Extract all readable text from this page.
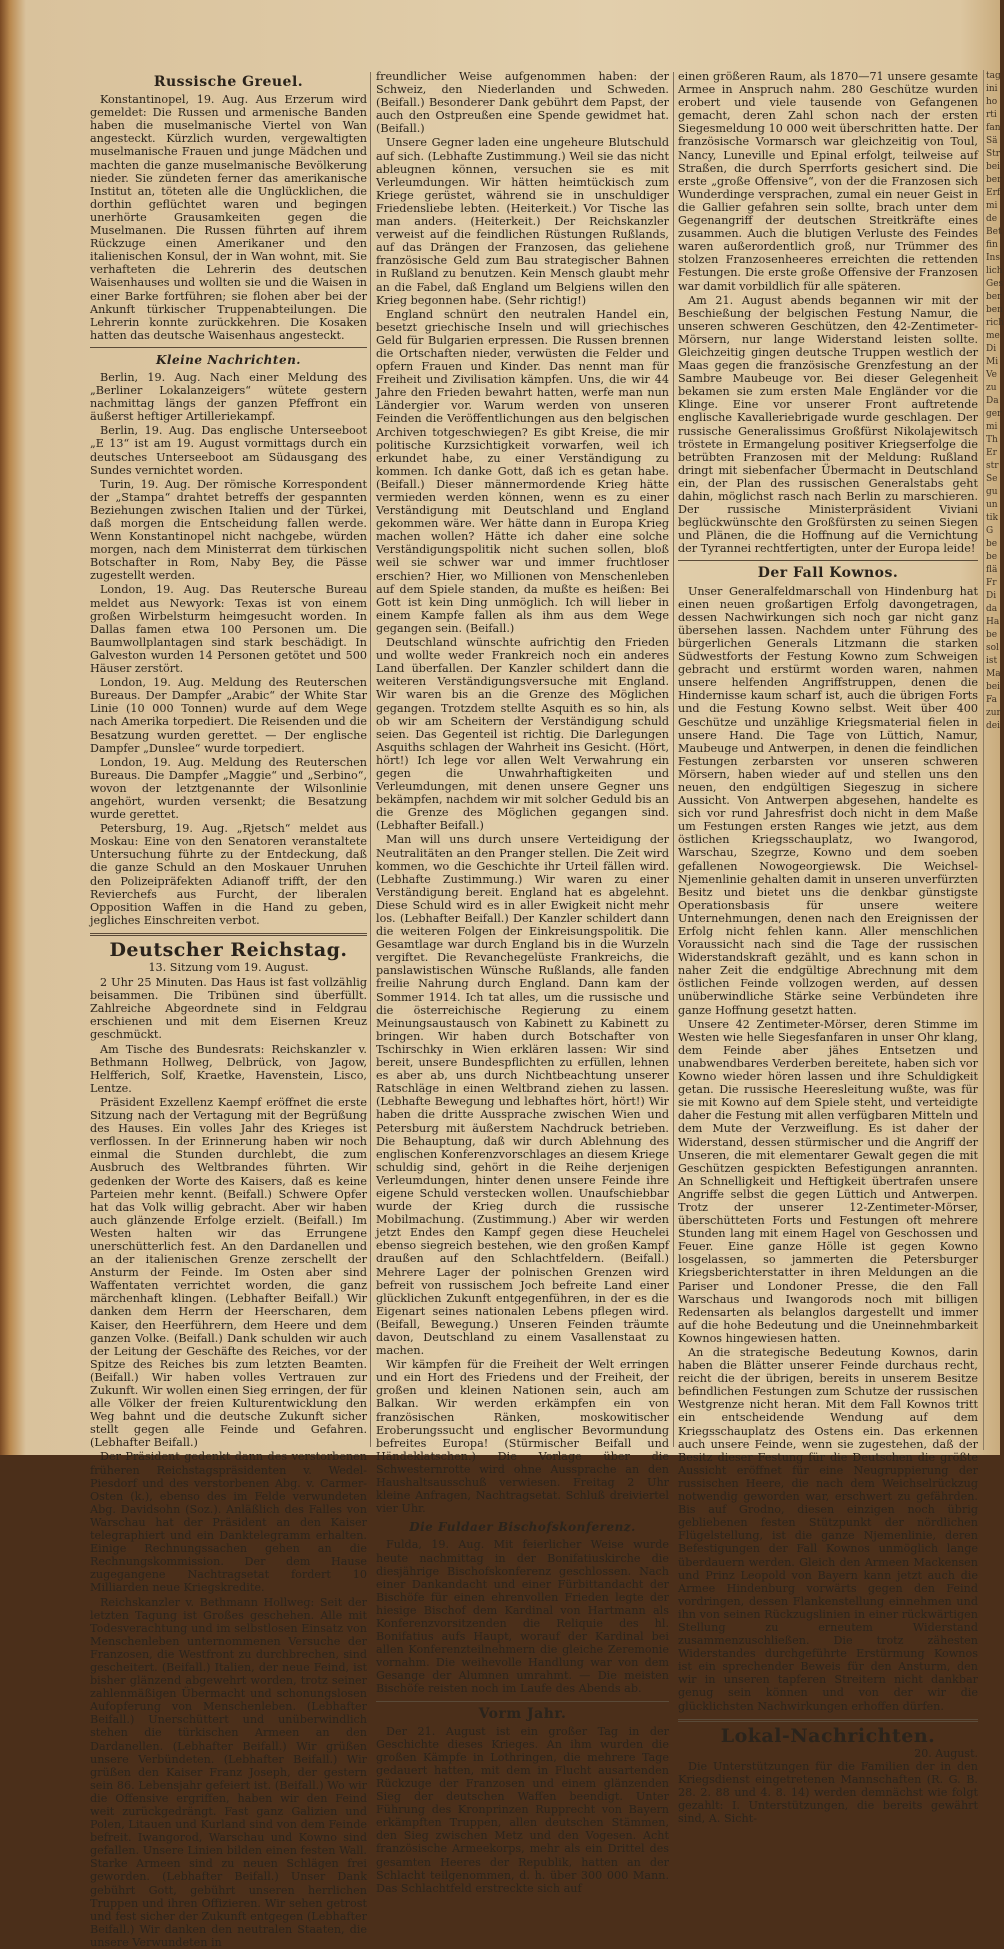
Russische Greuel.

Konstantinopel, 19. Aug. Aus Erzerum wird gemeldet: Die Russen und armenische Banden haben die muselmanische Viertel von Wan angesteckt. Kürzlich wurden, vergewaltigten muselmanische Frauen und junge Mädchen und machten die ganze muselmanische Bevölkerung nieder. Sie zündeten ferner das amerikanische Institut an, töteten alle die Unglücklichen, die dorthin geflüchtet waren und begingen unerhörte Grausamkeiten gegen die Muselmanen. Die Russen führten auf ihrem Rückzuge einen Amerikaner und den italienischen Konsul, der in Wan wohnt, mit. Sie verhafteten die Lehrerin des deutschen Waisenhauses und wollten sie und die Waisen in einer Barke fortführen; sie flohen aber bei der Ankunft türkischer Truppenabteilungen. Die Lehrerin konnte zurückkehren. Die Kosaken hatten das deutsche Waisenhaus angesteckt.

Kleine Nachrichten.

Berlin, 19. Aug. Nach einer Meldung des „Berliner Lokalanzeigers“ wütete gestern nachmittag längs der ganzen Pfeffront ein äußerst heftiger Artilleriekampf.

Berlin, 19. Aug. Das englische Unterseeboot „E 13“ ist am 19. August vormittags durch ein deutsches Unterseeboot am Südausgang des Sundes vernichtet worden.

Turin, 19. Aug. Der römische Korrespondent der „Stampa“ drahtet betreffs der gespannten Beziehungen zwischen Italien und der Türkei, daß morgen die Entscheidung fallen werde. Wenn Konstantinopel nicht nachgebe, würden morgen, nach dem Ministerrat dem türkischen Botschafter in Rom, Naby Bey, die Pässe zugestellt werden.

London, 19. Aug. Das Reutersche Bureau meldet aus Newyork: Texas ist von einem großen Wirbelsturm heimgesucht worden. In Dallas famen etwa 100 Personen um. Die Baumwollplantagen sind stark beschädigt. In Galveston wurden 14 Personen getötet und 500 Häuser zerstört.

London, 19. Aug. Meldung des Reuterschen Bureaus. Der Dampfer „Arabic“ der White Star Linie (10 000 Tonnen) wurde auf dem Wege nach Amerika torpediert. Die Reisenden und die Besatzung wurden gerettet. — Der englische Dampfer „Dunslee“ wurde torpediert.

London, 19. Aug. Meldung des Reuterschen Bureaus. Die Dampfer „Maggie“ und „Serbino“, wovon der letztgenannte der Wilsonlinie angehört, wurden versenkt; die Besatzung wurde gerettet.

Petersburg, 19. Aug. „Rjetsch“ meldet aus Moskau: Eine von den Senatoren veranstaltete Untersuchung führte zu der Entdeckung, daß die ganze Schuld an den Moskauer Unruhen den Polizeipräfekten Adianoff trifft, der den Revierchefs aus Furcht, der liberalen Opposition Waffen in die Hand zu geben, jegliches Einschreiten verbot.

Deutscher Reichstag.

13. Sitzung vom 19. August.

2 Uhr 25 Minuten. Das Haus ist fast vollzählig beisammen. Die Tribünen sind überfüllt. Zahlreiche Abgeordnete sind in Feldgrau erschienen und mit dem Eisernen Kreuz geschmückt.

Am Tische des Bundesrats: Reichskanzler v. Bethmann Hollweg, Delbrück, von Jagow, Helfferich, Solf, Kraetke, Havenstein, Lisco, Lentze.

Präsident Exzellenz Kaempf eröffnet die erste Sitzung nach der Vertagung mit der Begrüßung des Hauses. Ein volles Jahr des Krieges ist verflossen. In der Erinnerung haben wir noch einmal die Stunden durchlebt, die zum Ausbruch des Weltbrandes führten. Wir gedenken der Worte des Kaisers, daß es keine Parteien mehr kennt. (Beifall.) Schwere Opfer hat das Volk willig gebracht. Aber wir haben auch glänzende Erfolge erzielt. (Beifall.) Im Westen halten wir das Errungene unerschütterlich fest. An den Dardanellen und an der italienischen Grenze zerschellt der Ansturm der Feinde. Im Osten aber sind Waffentaten verrichtet worden, die ganz märchenhaft klingen. (Lebhafter Beifall.) Wir danken dem Herrn der Heerscharen, dem Kaiser, den Heerführern, dem Heere und dem ganzen Volke. (Beifall.) Dank schulden wir auch der Leitung der Geschäfte des Reiches, vor der Spitze des Reiches bis zum letzten Beamten. (Beifall.) Wir haben volles Vertrauen zur Zukunft. Wir wollen einen Sieg erringen, der für alle Völker der freien Kulturentwicklung den Weg bahnt und die deutsche Zukunft sicher stellt gegen alle Feinde und Gefahren. (Lebhafter Beifall.)

Der Präsident gedenkt dann des verstorbenen früheren Reichstagspräsidenten v. Wedel-Piesdorf und des verstorbenen Abg. v. Carmer-Osten (k.), ebenso des im Felde verwundeten Abg. Davidsohn (Soz.). Anläßlich des Falles von Warschau hat der Präsident an den Kaiser telegraphiert und ein Danktelegramm erhalten. Einige Rechnungssachen gehen an die Rechnungskommission. Der dem Hause zugegangene Nachtragsetat fordert 10 Milliarden neue Kriegskredite.

Reichskanzler v. Bethmann Hollweg: Seit der letzten Tagung ist Großes geschehen. Alle mit Todesverachtung und im selbstlosen Einsatz von Menschenleben unternommenen Versuche der Franzosen, die Westfront zu durchbrechen, sind gescheitert. (Beifall.) Italien, der neue Feind, ist bisher glänzend abgewehrt worden, trotz seiner zahlenmäßigen Übermacht und schonungslosen Aufopferung von Menschenleben. (Lebhafter Beifall.) Unerschüttert und unüberwindlich stehen die türkischen Armeen an den Dardanellen. (Lebhafter Beifall.) Wir grüßen unsere Verbündeten. (Lebhafter Beifall.) Wir grüßen den Kaiser Franz Joseph, der gestern sein 86. Lebensjahr gefeiert ist. (Beifall.) Wo wir die Offensive ergriffen, haben wir den Feind weit zurückgedrängt. Fast ganz Galizien und Polen, Litauen und Kurland sind von dem Feinde befreit. Iwangorod, Warschau und Kowno sind gefallen. Unsere Linien bilden einen festen Wall. Starke Armeen sind zu neuen Schlägen frei geworden. (Lebhafter Beifall.) Unser Dank gebührt Gott, gebührt unseren herrlichen Truppen und ihren Offizieren. Wir sehen getrost und fest sicher der Zukunft entgegen (Lebhafter Beifall.) Wir danken den neutralen Staaten, die unsere Verwundeten in

freundlicher Weise aufgenommen haben: der Schweiz, den Niederlanden und Schweden. (Beifall.) Besonderer Dank gebührt dem Papst, der auch den Ostpreußen eine Spende gewidmet hat. (Beifall.)

Unsere Gegner laden eine ungeheure Blutschuld auf sich. (Lebhafte Zustimmung.) Weil sie das nicht ableugnen können, versuchen sie es mit Verleumdungen. Wir hätten heimtückisch zum Kriege gerüstet, während sie in unschuldiger Friedensliebe lebten. (Heiterkeit.) Vor Tische las man anders. (Heiterkeit.) Der Reichskanzler verweist auf die feindlichen Rüstungen Rußlands, auf das Drängen der Franzosen, das geliehene französische Geld zum Bau strategischer Bahnen in Rußland zu benutzen. Kein Mensch glaubt mehr an die Fabel, daß England um Belgiens willen den Krieg begonnen habe. (Sehr richtig!)

England schnürt den neutralen Handel ein, besetzt griechische Inseln und will griechisches Geld für Bulgarien erpressen. Die Russen brennen die Ortschaften nieder, verwüsten die Felder und opfern Frauen und Kinder. Das nennt man für Freiheit und Zivilisation kämpfen. Uns, die wir 44 Jahre den Frieden bewahrt hatten, werfe man nun Ländergier vor. Warum werden von unseren Feinden die Veröffentlichungen aus den belgischen Archiven totgeschwiegen? Es gibt Kreise, die mir politische Kurzsichtigkeit vorwarfen, weil ich erkundet habe, zu einer Verständigung zu kommen. Ich danke Gott, daß ich es getan habe. (Beifall.) Dieser männermordende Krieg hätte vermieden werden können, wenn es zu einer Verständigung mit Deutschland und England gekommen wäre. Wer hätte dann in Europa Krieg machen wollen? Hätte ich daher eine solche Verständigungspolitik nicht suchen sollen, bloß weil sie schwer war und immer fruchtloser erschien? Hier, wo Millionen von Menschenleben auf dem Spiele standen, da mußte es heißen: Bei Gott ist kein Ding unmöglich. Ich will lieber in einem Kampfe fallen als ihm aus dem Wege gegangen sein. (Beifall.)

Deutschland wünschte aufrichtig den Frieden und wollte weder Frankreich noch ein anderes Land überfallen. Der Kanzler schildert dann die weiteren Verständigungsversuche mit England. Wir waren bis an die Grenze des Möglichen gegangen. Trotzdem stellte Asquith es so hin, als ob wir am Scheitern der Verständigung schuld seien. Das Gegenteil ist richtig. Die Darlegungen Asquiths schlagen der Wahrheit ins Gesicht. (Hört, hört!) Ich lege vor allen Welt Verwahrung ein gegen die Unwahrhaftigkeiten und Verleumdungen, mit denen unsere Gegner uns bekämpfen, nachdem wir mit solcher Geduld bis an die Grenze des Möglichen gegangen sind. (Lebhafter Beifall.)

Man will uns durch unsere Verteidigung der Neutralitäten an den Pranger stellen. Die Zeit wird kommen, wo die Geschichte ihr Urteil fällen wird. (Lebhafte Zustimmung.) Wir waren zu einer Verständigung bereit. England hat es abgelehnt. Diese Schuld wird es in aller Ewigkeit nicht mehr los. (Lebhafter Beifall.) Der Kanzler schildert dann die weiteren Folgen der Einkreisungspolitik. Die Gesamtlage war durch England bis in die Wurzeln vergiftet. Die Revanchegelüste Frankreichs, die panslawistischen Wünsche Rußlands, alle fanden freilie Nahrung durch England. Dann kam der Sommer 1914. Ich tat alles, um die russische und die österreichische Regierung zu einem Meinungsaustausch von Kabinett zu Kabinett zu bringen. Wir haben durch Botschafter von Tschirschky in Wien erklären lassen: Wir sind bereit, unsere Bundespflichten zu erfüllen, lehnen es aber ab, uns durch Nichtbeachtung unserer Ratschläge in einen Weltbrand ziehen zu lassen. (Lebhafte Bewegung und lebhaftes hört, hört!) Wir haben die dritte Aussprache zwischen Wien und Petersburg mit äußerstem Nachdruck betrieben. Die Behauptung, daß wir durch Ablehnung des englischen Konferenzvorschlages an diesem Kriege schuldig sind, gehört in die Reihe derjenigen Verleumdungen, hinter denen unsere Feinde ihre eigene Schuld verstecken wollen. Unaufschiebbar wurde der Krieg durch die russische Mobilmachung. (Zustimmung.) Aber wir werden jetzt Endes den Kampf gegen diese Heuchelei ebenso siegreich bestehen, wie den großen Kampf draußen auf den Schlachtfeldern. (Beifall.) Mehrere Lager der polnischen Grenzen wird befreit von russischem Joch befreite Land einer glücklichen Zukunft entgegenführen, in der es die Eigenart seines nationalen Lebens pflegen wird. (Beifall, Bewegung.) Unseren Feinden träumte davon, Deutschland zu einem Vasallenstaat zu machen.

Wir kämpfen für die Freiheit der Welt erringen und ein Hort des Friedens und der Freiheit, der großen und kleinen Nationen sein, auch am Balkan. Wir werden erkämpfen ein von französischen Ränken, moskowitischer Eroberungssucht und englischer Bevormundung befreites Europa! (Stürmischer Beifall und Händeklatschen.) Die Vorlage über die Schwesternrotte wird ohne Aussprache an den Haushaltsausschuß verwiesen. Freitag 2 Uhr kleine Anfragen, Nachtragsetat. Schluß dreiviertel vier Uhr.

Die Fuldaer Bischofskonferenz.

Fulda, 19. Aug. Mit feierlicher Weise wurde heute nachmittag in der Bonifatiuskirche die diesjährige Bischofskonferenz geschlossen. Nach einer Dankandacht und einer Fürbittandacht der Bischöfe für einen ehrenvollen Frieden legte der hiesige Bischof dem Kardinal von Hartmann als Konferenzvorsitzenden die Reliquie des hl. Bonifatius aufs Haupt, worauf der Kardinal bei allen Konferenzteilnehmern die gleiche Zeremonie vornahm. Die weihevolle Handlung war von dem Gesange der Alumnen umrahmt. — Die meisten Bischöfe reisten noch im Laufe des Abends ab.

Vorm Jahr.

Der 21. August ist ein großer Tag in der Geschichte dieses Krieges. An ihm wurden die großen Kämpfe in Lothringen, die mehrere Tage gedauert hatten, mit dem in Flucht ausartenden Rückzuge der Franzosen und einem glänzenden Sieg der deutschen Waffen beendigt. Unter Führung des Kronprinzen Rupprecht von Bayern erkämpften Truppen, allen deutschen Stämmen, den Sieg zwischen Metz und den Vogesen. Acht französische Armeekorps, mehr als ein Drittel des gesamten Heeres der Republik, hatten an der Schlacht teilgenommen, d. h. über 300 000 Mann. Das Schlachtfeld erstreckte sich auf

einen größeren Raum, als 1870—71 unsere gesamte Armee in Anspruch nahm. 280 Geschütze wurden erobert und viele tausende von Gefangenen gemacht, deren Zahl schon nach der ersten Siegesmeldung 10 000 weit überschritten hatte. Der französische Vormarsch war gleichzeitig von Toul, Nancy, Luneville und Epinal erfolgt, teilweise auf Straßen, die durch Sperrforts gesichert sind. Die erste „große Offensive“, von der die Franzosen sich Wunderdinge versprachen, zumal ein neuer Geist in die Gallier gefahren sein sollte, brach unter dem Gegenangriff der deutschen Streitkräfte eines zusammen. Auch die blutigen Verluste des Feindes waren außerordentlich groß, nur Trümmer des stolzen Franzosenheeres erreichten die rettenden Festungen. Die erste große Offensive der Franzosen war damit vorbildlich für alle späteren.

Am 21. August abends begannen wir mit der Beschießung der belgischen Festung Namur, die unseren schweren Geschützen, den 42-Zentimeter-Mörsern, nur lange Widerstand leisten sollte. Gleichzeitig gingen deutsche Truppen westlich der Maas gegen die französische Grenzfestung an der Sambre Maubeuge vor. Bei dieser Gelegenheit bekamen sie zum ersten Male Engländer vor die Klinge. Eine vor unserer Front auftretende englische Kavalleriebrigade wurde geschlagen. Der russische Generalissimus Großfürst Nikolajewitsch tröstete in Ermangelung positiver Kriegserfolge die betrübten Franzosen mit der Meldung: Rußland dringt mit siebenfacher Übermacht in Deutschland ein, der Plan des russischen Generalstabs geht dahin, möglichst rasch nach Berlin zu marschieren. Der russische Ministerpräsident Viviani beglückwünschte den Großfürsten zu seinen Siegen und Plänen, die die Hoffnung auf die Vernichtung der Tyrannei rechtfertigten, unter der Europa leide!

Der Fall Kownos.

Unser Generalfeldmarschall von Hindenburg hat einen neuen großartigen Erfolg davongetragen, dessen Nachwirkungen sich noch gar nicht ganz übersehen lassen. Nachdem unter Führung des bürgerlichen Generals Litzmann die starken Südwestforts der Festung Kowno zum Schweigen gebracht und erstürmt worden waren, nahmen unsere helfenden Angriffstruppen, denen die Hindernisse kaum scharf ist, auch die übrigen Forts und die Festung Kowno selbst. Weit über 400 Geschütze und unzählige Kriegsmaterial fielen in unsere Hand. Die Tage von Lüttich, Namur, Maubeuge und Antwerpen, in denen die feindlichen Festungen zerbarsten vor unseren schweren Mörsern, haben wieder auf und stellen uns den neuen, den endgültigen Siegeszug in sichere Aussicht. Von Antwerpen abgesehen, handelte es sich vor rund Jahresfrist doch nicht in dem Maße um Festungen ersten Ranges wie jetzt, aus dem östlichen Kriegsschauplatz, wo Iwangorod, Warschau, Szegrze, Kowno und dem soeben gefallenen Nowogeorgiewsk. Die Weichsel-Njemenlinie gehalten damit in unseren unverfürzten Besitz und bietet uns die denkbar günstigste Operationsbasis für unsere weitere Unternehmungen, denen nach den Ereignissen der Erfolg nicht fehlen kann. Aller menschlichen Voraussicht nach sind die Tage der russischen Widerstandskraft gezählt, und es kann schon in naher Zeit die endgültige Abrechnung mit dem östlichen Feinde vollzogen werden, auf dessen unüberwindliche Stärke seine Verbündeten ihre ganze Hoffnung gesetzt hatten.

Unsere 42 Zentimeter-Mörser, deren Stimme im Westen wie helle Siegesfanfaren in unser Ohr klang, dem Feinde aber jähes Entsetzen und unabwendbares Verderben bereitete, haben sich vor Kowno wieder hören lassen und ihre Schuldigkeit getan. Die russische Heeresleitung wußte, was für sie mit Kowno auf dem Spiele steht, und verteidigte daher die Festung mit allen verfügbaren Mitteln und dem Mute der Verzweiflung. Es ist daher der Widerstand, dessen stürmischer und die Angriff der Unseren, die mit elementarer Gewalt gegen die mit Geschützen gespickten Befestigungen anrannten. An Schnelligkeit und Heftigkeit übertrafen unsere Angriffe selbst die gegen Lüttich und Antwerpen. Trotz der unserer 12-Zentimeter-Mörser, überschütteten Forts und Festungen oft mehrere Stunden lang mit einem Hagel von Geschossen und Feuer. Eine ganze Hölle ist gegen Kowno losgelassen, so jammerten die Petersburger Kriegsberichterstatter in ihren Meldungen an die Pariser und Londoner Presse, die den Fall Warschaus und Iwangorods noch mit billigen Redensarten als belanglos dargestellt und immer auf die hohe Bedeutung und die Uneinnehmbarkeit Kownos hingewiesen hatten.

An die strategische Bedeutung Kownos, darin haben die Blätter unserer Feinde durchaus recht, reicht die der übrigen, bereits in unserem Besitze befindlichen Festungen zum Schutze der russischen Westgrenze nicht heran. Mit dem Fall Kownos tritt ein entscheidende Wendung auf dem Kriegsschauplatz des Ostens ein. Das erkennen auch unsere Feinde, wenn sie zugestehen, daß der Besitz dieser Festung für die Deutschen die größte Aussicht eröffnet für eine Neugruppierung der russischen Heere, die nach dem Weichselrückzug notwendig geworden war, erschwert zu gefährden. Bis auf Grodno, diesen einzigen noch übrig gebliebenen festen Stützpunkt der nördlichen Flügelstellung, ist die ganze Njemenlinie, deren Befestigungen der Fall Kownos unmöglich lange überdauern werden. Gleich den Armeen Mackensen und Prinz Leopold von Bayern kann jetzt auch die Armee Hindenburg vorwärts gegen den Feind vordringen, dessen Flankenstellung einnehmen und ihn von seinen Rückzugslinien in einer rückwärtigen Stellung zu erneutem Widerstand zusammenzuschließen. Die trotz zähesten Widerstandes durchgeführte Erstürmung Kownos ist ein sprechender Beweis für den Ansturm, den wir in unseren tapferen Streitern nicht dankbar genug sein können und von der wir die glücklichsten Nachwirkungen erhoffen dürfen.

Lokal-Nachrichten.
20. August.

Die Unterstützungen für die Familien der in den Kriegsdienst eingetretenen Mannschaften (R. G. B. 28. 2. 88 und 4. 8. 14) werden demnächst wie folgt gezahlt: I. Unterstützungen, die bereits gewährt sind, A. Sicht-

tag
ini
ho
rti
fan
Sä
Str
bei
ber
Erf
mi
de
Bet
fin
Ins
lich
Ges
ber
ben
rich
me
Di
Mi
Ve
zu
Da
ger
mi
Th
Er
str
Se
gu
un
tik
G
be
be
flä
Fr
Di
da
Ha
be
sol
ist
Ma
bei
Fa
zur
dei
